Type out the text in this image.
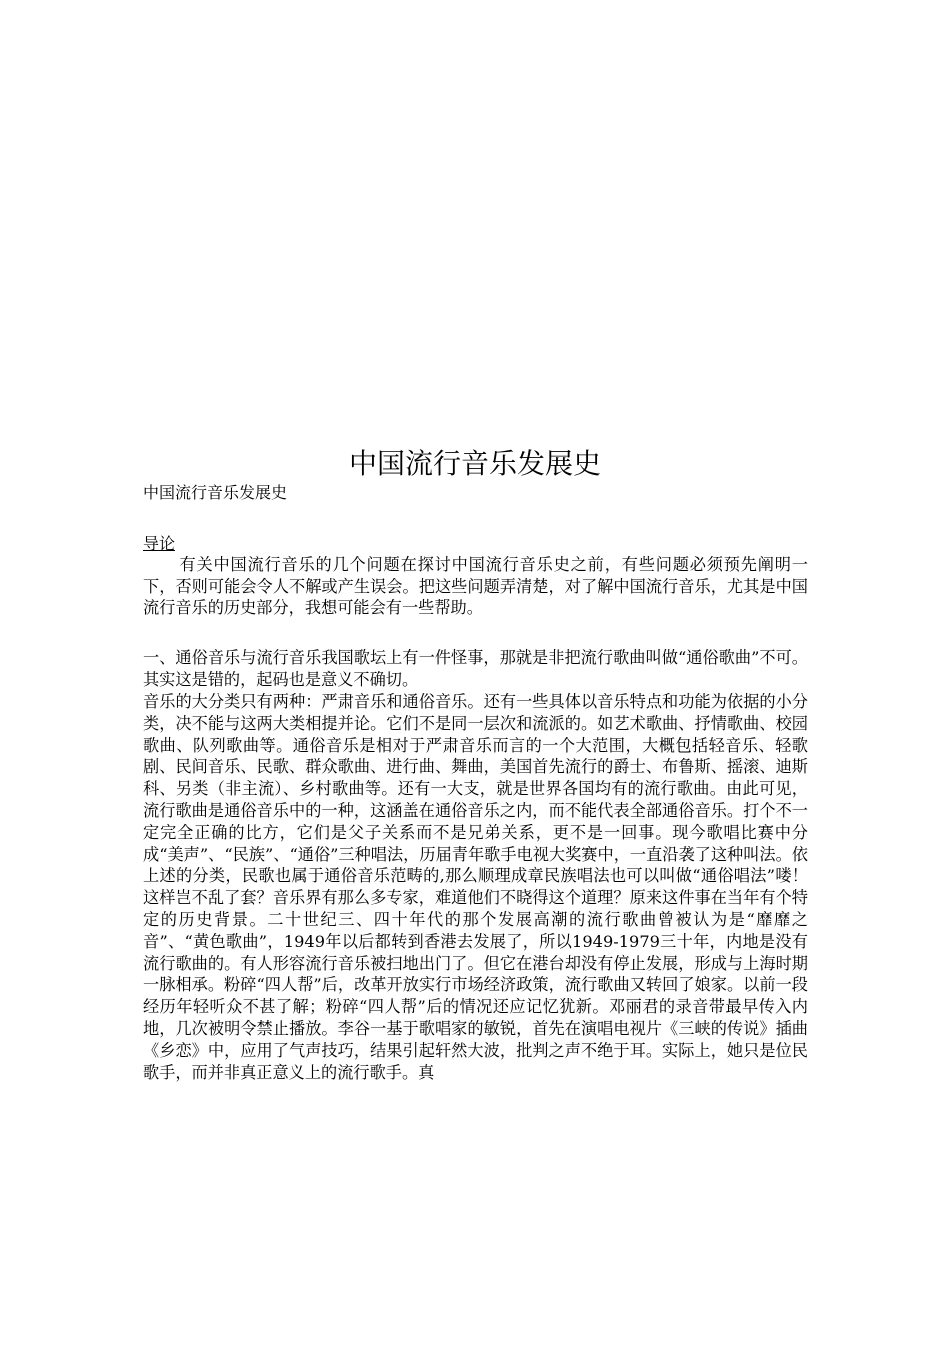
中国流行音乐发展史

中国流行音乐发展史

导论

有关中国流行音乐的几个问题在探讨中国流行音乐史之前，有些问题必须预先阐明一下，否则可能会令人不解或产生误会。把这些问题弄清楚，对了解中国流行音乐，尤其是中国流行音乐的历史部分，我想可能会有一些帮助。

一、通俗音乐与流行音乐我国歌坛上有一件怪事，那就是非把流行歌曲叫做“通俗歌曲”不可。其实这是错的，起码也是意义不确切。

音乐的大分类只有两种：严肃音乐和通俗音乐。还有一些具体以音乐特点和功能为依据的小分类，决不能与这两大类相提并论。它们不是同一层次和流派的。如艺术歌曲、抒情歌曲、校园歌曲、队列歌曲等。通俗音乐是相对于严肃音乐而言的一个大范围，大概包括轻音乐、轻歌剧、民间音乐、民歌、群众歌曲、进行曲、舞曲，美国首先流行的爵士、布鲁斯、摇滚、迪斯科、另类（非主流）、乡村歌曲等。还有一大支，就是世界各国均有的流行歌曲。由此可见，流行歌曲是通俗音乐中的一种，这涵盖在通俗音乐之内，而不能代表全部通俗音乐。打个不一定完全正确的比方，它们是父子关系而不是兄弟关系，更不是一回事。现今歌唱比赛中分成“美声”、“民族”、“通俗”三种唱法，历届青年歌手电视大奖赛中，一直沿袭了这种叫法。依上述的分类，民歌也属于通俗音乐范畴的,那么顺理成章民族唱法也可以叫做“通俗唱法”喽！这样岂不乱了套？音乐界有那么多专家，难道他们不晓得这个道理？原来这件事在当年有个特定的历史背景。二十世纪三、四十年代的那个发展高潮的流行歌曲曾被认为是“靡靡之音”、“黄色歌曲”，1949年以后都转到香港去发展了，所以1949-1979三十年，内地是没有流行歌曲的。有人形容流行音乐被扫地出门了。但它在港台却没有停止发展，形成与上海时期一脉相承。粉碎“四人帮”后，改革开放实行市场经济政策，流行歌曲又转回了娘家。以前一段经历年轻听众不甚了解；粉碎“四人帮”后的情况还应记忆犹新。邓丽君的录音带最早传入内地，几次被明令禁止播放。李谷一基于歌唱家的敏锐，首先在演唱电视片《三峡的传说》插曲《乡恋》中，应用了气声技巧，结果引起轩然大波，批判之声不绝于耳。实际上，她只是位民歌手，而并非真正意义上的流行歌手。真
